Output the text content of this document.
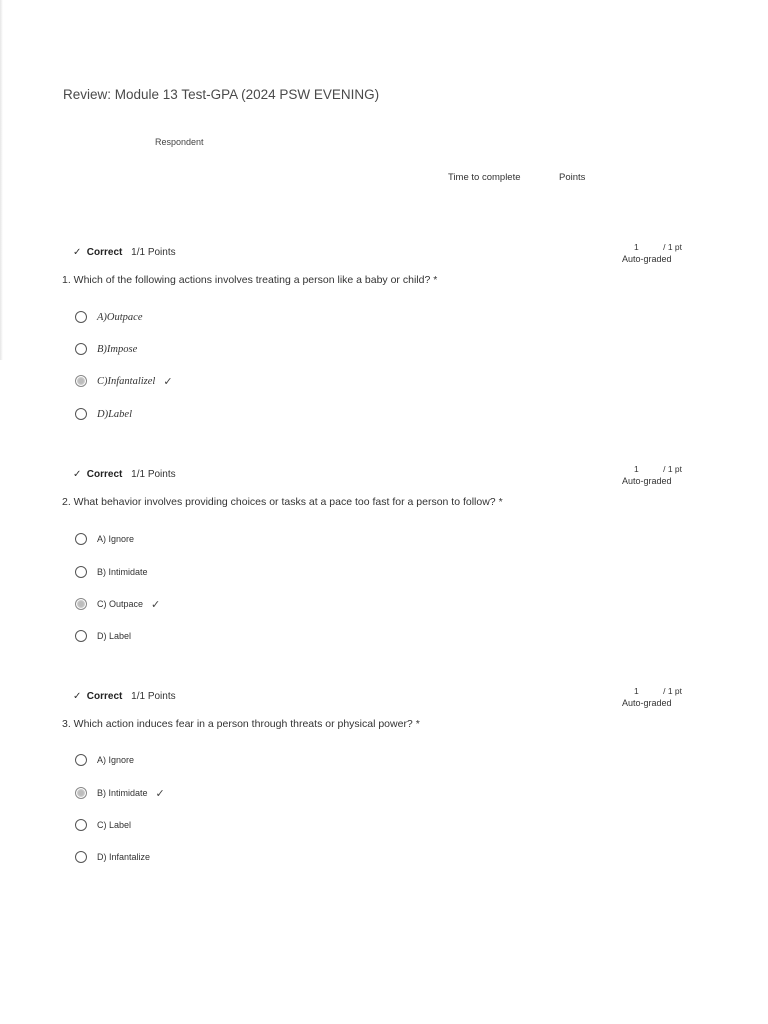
Review: Module 13 Test-GPA (2024 PSW EVENING)
Respondent
Time to complete	Points
✓ Correct 1/1 Points	1	/ 1 pt
Auto-graded
1. Which of the following actions involves treating a person like a baby or child? *
A)Outpace
B)Impose
C)Infantalizel ✓
D)Label
✓ Correct 1/1 Points	1	/ 1 pt
Auto-graded
2. What behavior involves providing choices or tasks at a pace too fast for a person to follow? *
A) Ignore
B) Intimidate
C) Outpace ✓
D) Label
✓ Correct 1/1 Points	1	/ 1 pt
Auto-graded
3. Which action induces fear in a person through threats or physical power? *
A) Ignore
B) Intimidate ✓
C) Label
D) Infantalize
